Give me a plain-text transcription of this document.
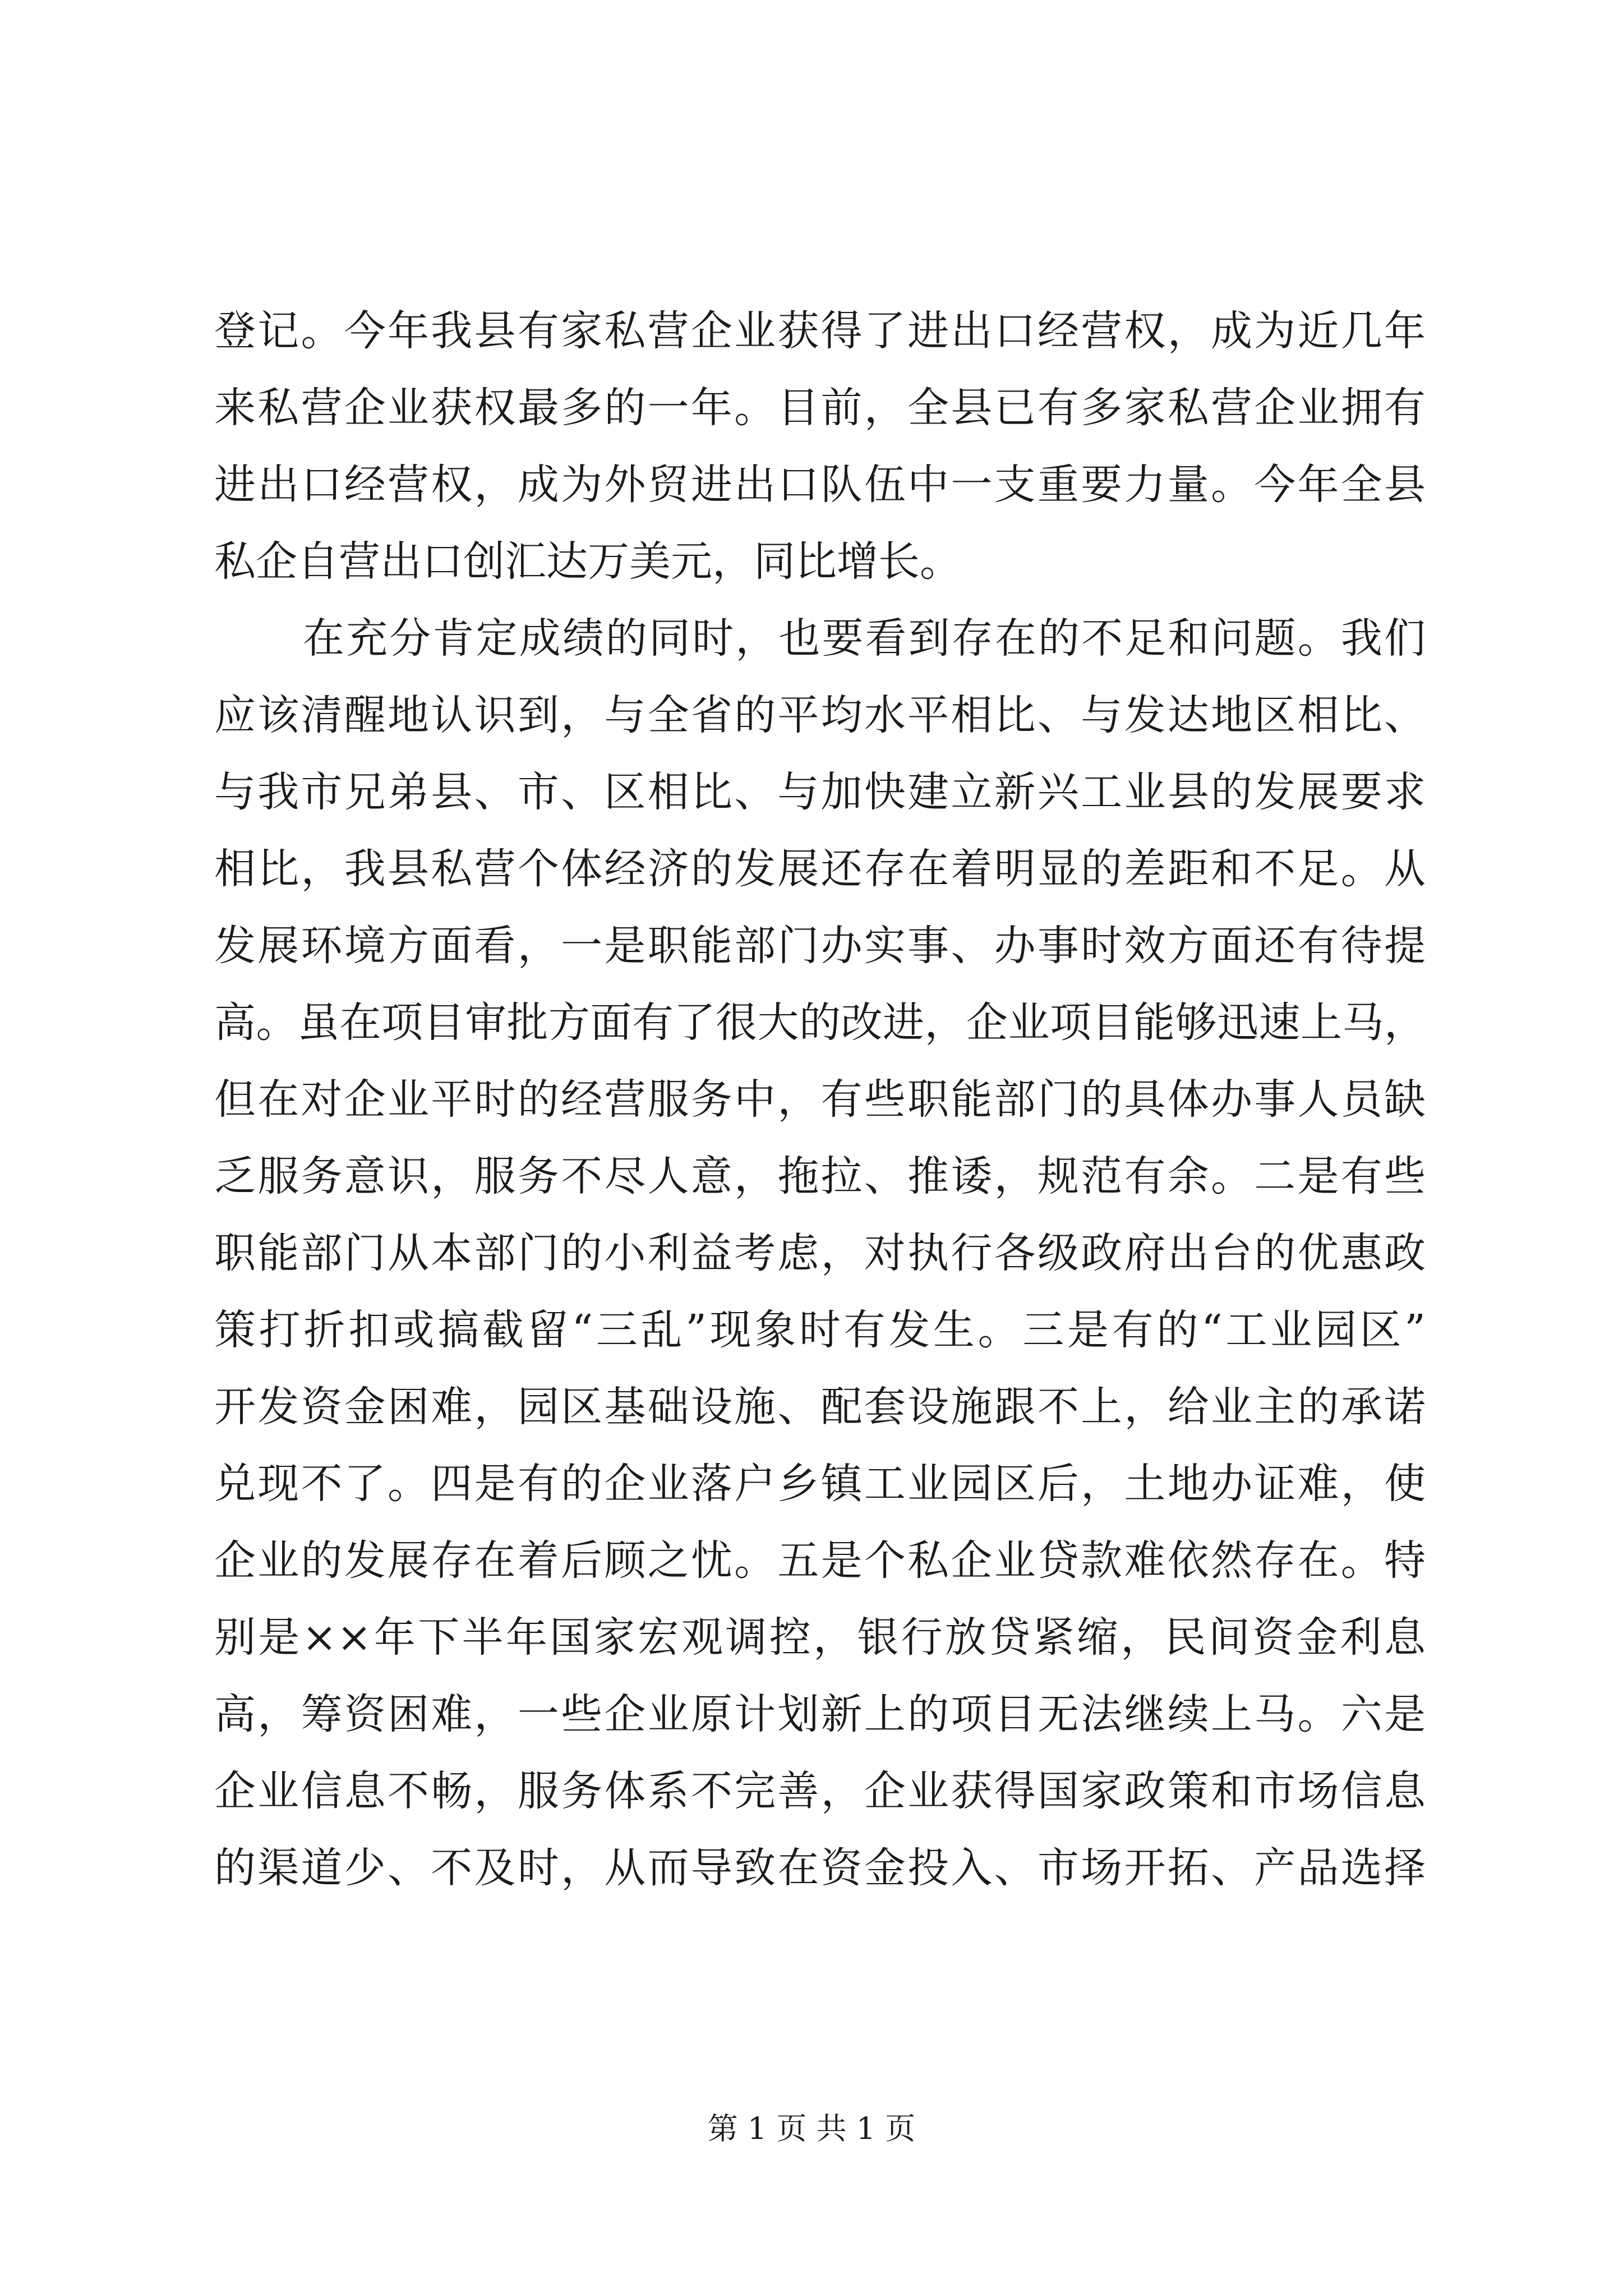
登记。今年我县有家私营企业获得了进出口经营权，成为近几年
来私营企业获权最多的一年。目前，全县已有多家私营企业拥有
进出口经营权，成为外贸进出口队伍中一支重要力量。今年全县
私企自营出口创汇达万美元，同比增长。
在充分肯定成绩的同时，也要看到存在的不足和问题。我们
应该清醒地认识到，与全省的平均水平相比、与发达地区相比、
与我市兄弟县、市、区相比、与加快建立新兴工业县的发展要求
相比，我县私营个体经济的发展还存在着明显的差距和不足。从
发展环境方面看，一是职能部门办实事、办事时效方面还有待提
高。虽在项目审批方面有了很大的改进，企业项目能够迅速上马，
但在对企业平时的经营服务中，有些职能部门的具体办事人员缺
乏服务意识，服务不尽人意，拖拉、推诿，规范有余。二是有些
职能部门从本部门的小利益考虑，对执行各级政府出台的优惠政
策打折扣或搞截留“三乱”现象时有发生。三是有的“工业园区”
开发资金困难，园区基础设施、配套设施跟不上，给业主的承诺
兑现不了。四是有的企业落户乡镇工业园区后，土地办证难，使
企业的发展存在着后顾之忧。五是个私企业贷款难依然存在。特
别是××年下半年国家宏观调控，银行放贷紧缩，民间资金利息
高，筹资困难，一些企业原计划新上的项目无法继续上马。六是
企业信息不畅，服务体系不完善，企业获得国家政策和市场信息
的渠道少、不及时，从而导致在资金投入、市场开拓、产品选择
第 1 页 共 1 页
